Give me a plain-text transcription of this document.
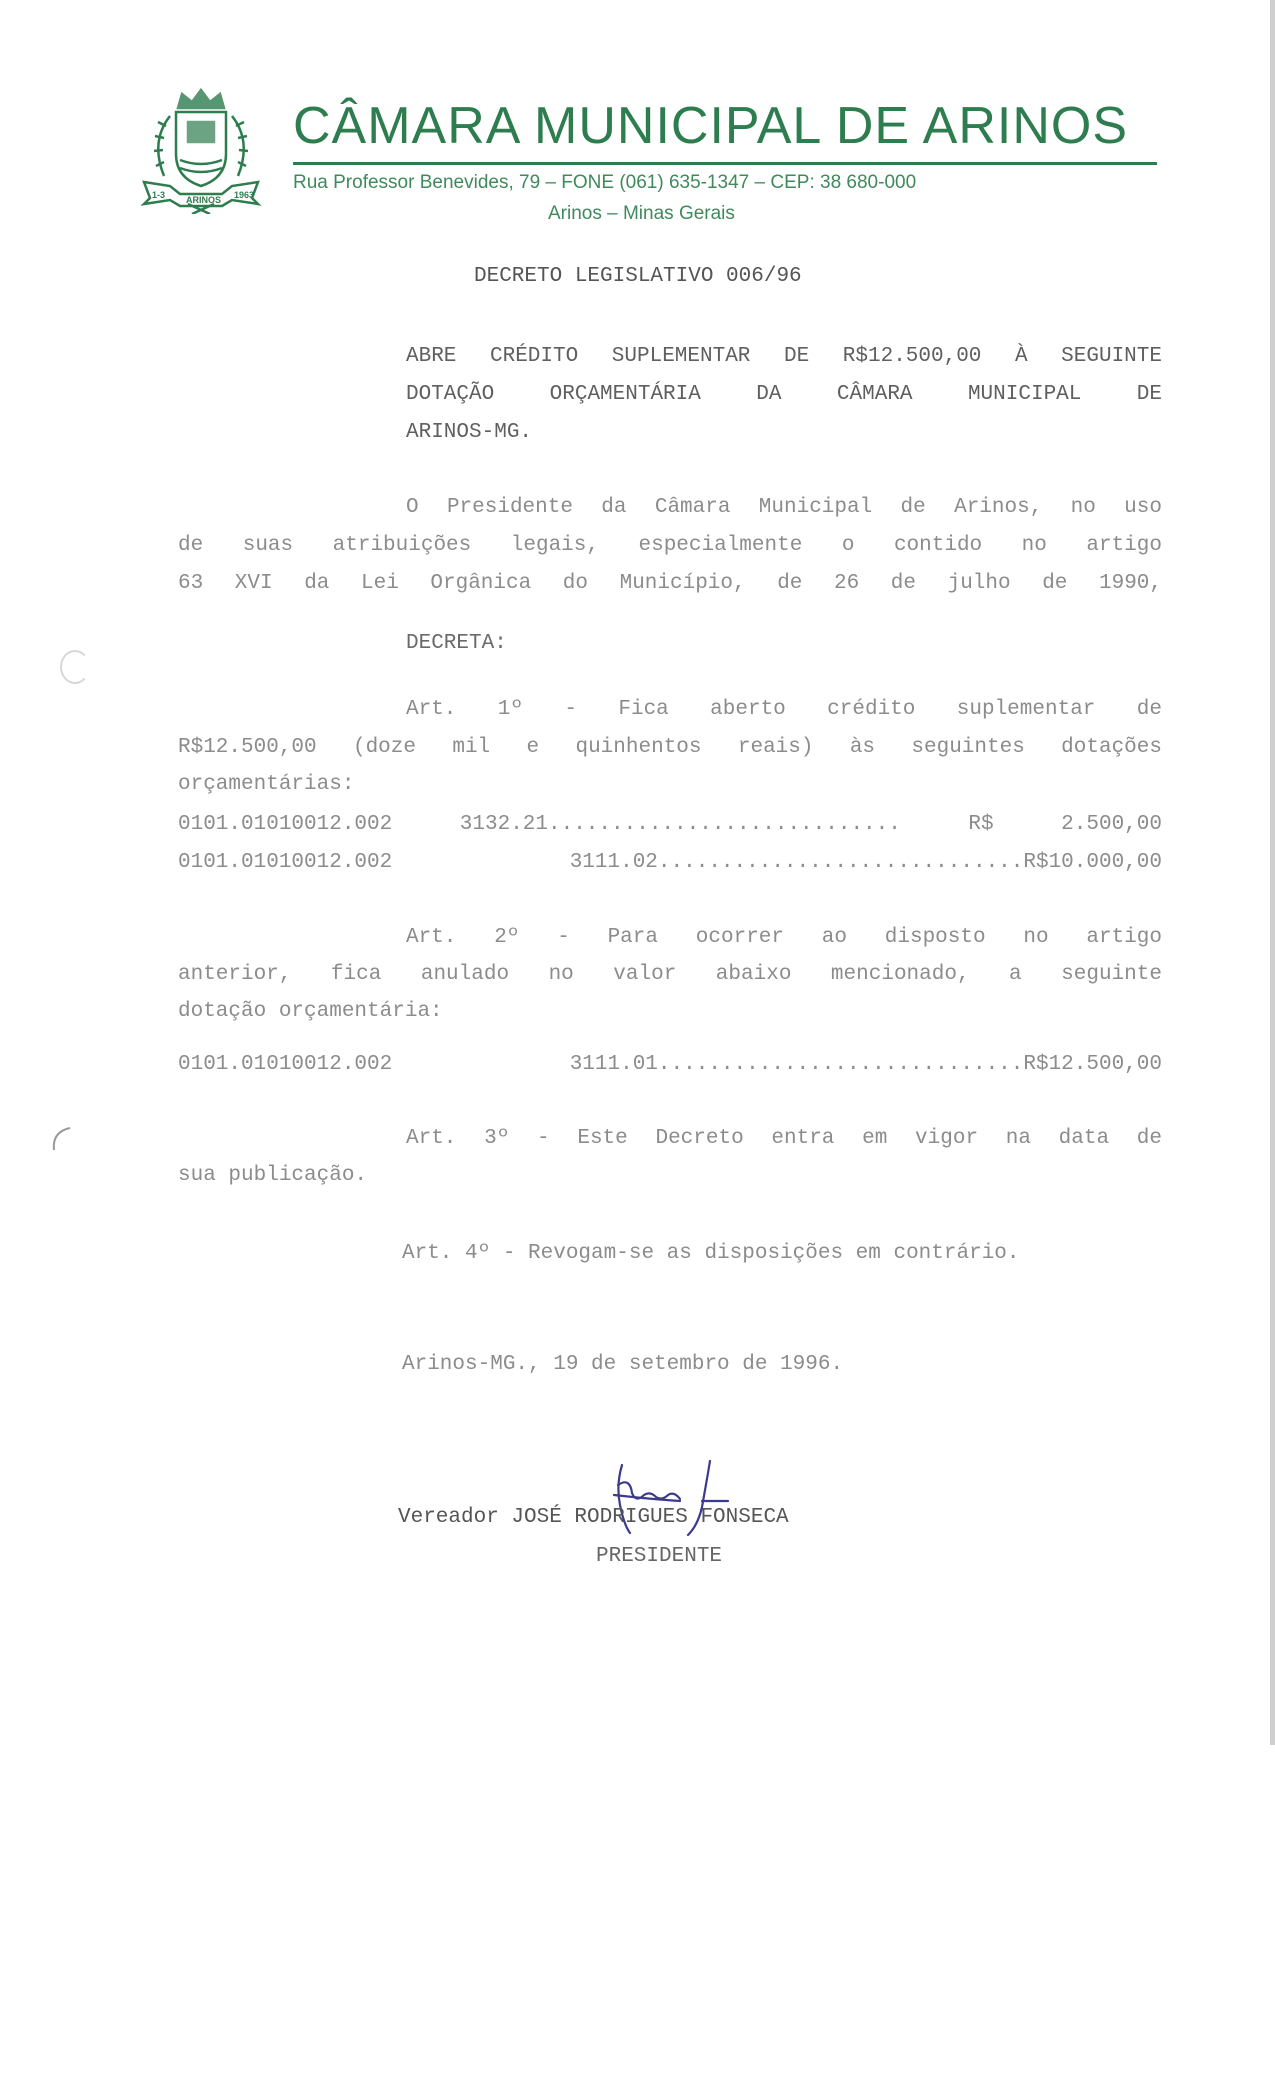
1-3 ARINOS 1963
CÂMARA MUNICIPAL DE ARINOS
Rua Professor Benevides, 79 – FONE (061) 635-1347 – CEP: 38 680-000
Arinos – Minas Gerais
DECRETO LEGISLATIVO 006/96
ABRE CRÉDITO SUPLEMENTAR DE R$12.500,00 À SEGUINTE
DOTAÇÃO ORÇAMENTÁRIA DA CÂMARA MUNICIPAL DE
ARINOS-MG.
O Presidente da Câmara Municipal de Arinos, no uso
de suas atribuições legais, especialmente o contido no artigo
63 XVI da Lei Orgânica do Município, de 26 de julho de 1990,
DECRETA:
Art. 1º - Fica aberto crédito suplementar de
R$12.500,00 (doze mil e quinhentos reais) às seguintes dotações
orçamentárias:
0101.01010012.002 3132.21............................ R$ 2.500,00
0101.01010012.002 3111.02.............................R$10.000,00
Art. 2º - Para ocorrer ao disposto no artigo
anterior, fica anulado no valor abaixo mencionado, a seguinte
dotação orçamentária:
0101.01010012.002 3111.01.............................R$12.500,00
Art. 3º - Este Decreto entra em vigor na data de
sua publicação.
Art. 4º - Revogam-se as disposições em contrário.
Arinos-MG., 19 de setembro de 1996.
Vereador JOSÉ RODRIGUES FONSECA
PRESIDENTE
